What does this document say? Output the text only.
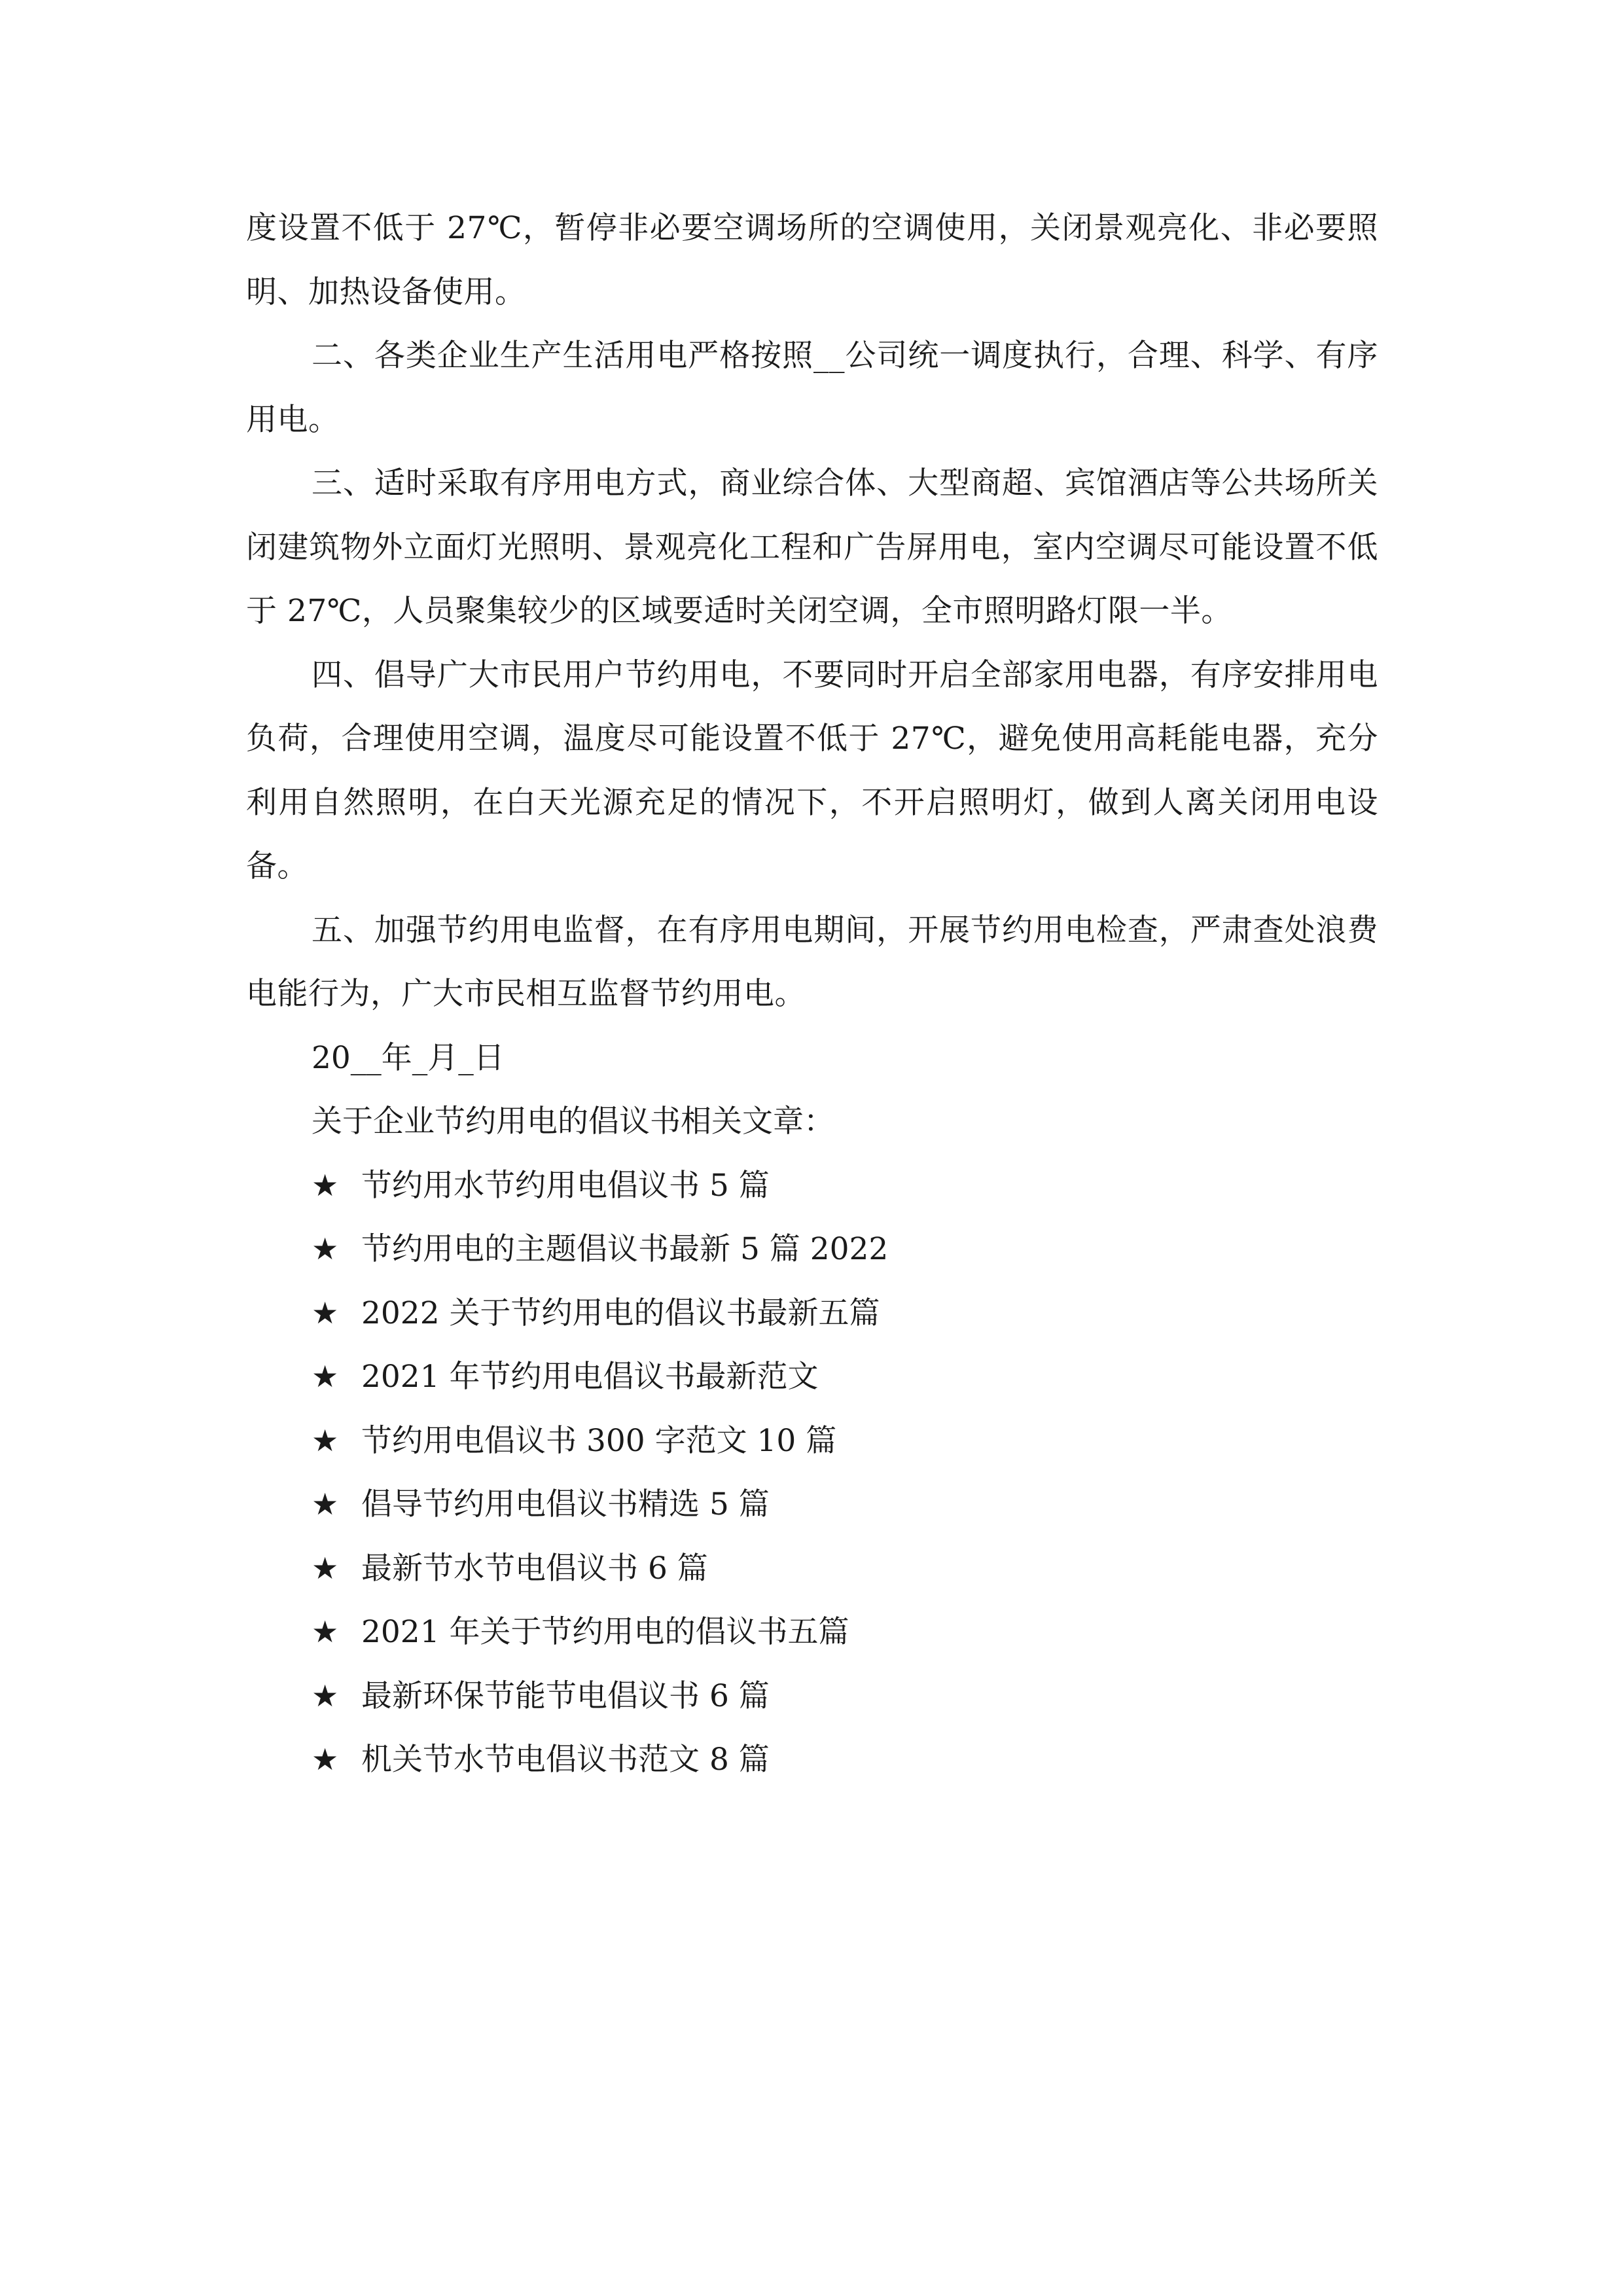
度设置不低于 27℃，暂停非必要空调场所的空调使用，关闭景观亮化、非必要照明、加热设备使用。

二、各类企业生产生活用电严格按照__公司统一调度执行，合理、科学、有序用电。

三、适时采取有序用电方式，商业综合体、大型商超、宾馆酒店等公共场所关闭建筑物外立面灯光照明、景观亮化工程和广告屏用电，室内空调尽可能设置不低于 27℃，人员聚集较少的区域要适时关闭空调，全市照明路灯限一半。

四、倡导广大市民用户节约用电，不要同时开启全部家用电器，有序安排用电负荷，合理使用空调，温度尽可能设置不低于 27℃，避免使用高耗能电器，充分利用自然照明，在白天光源充足的情况下，不开启照明灯，做到人离关闭用电设备。

五、加强节约用电监督，在有序用电期间，开展节约用电检查，严肃查处浪费电能行为，广大市民相互监督节约用电。

20__年_月_日

关于企业节约用电的倡议书相关文章：

★ 节约用水节约用电倡议书 5 篇
★ 节约用电的主题倡议书最新 5 篇 2022
★ 2022 关于节约用电的倡议书最新五篇
★ 2021 年节约用电倡议书最新范文
★ 节约用电倡议书 300 字范文 10 篇
★ 倡导节约用电倡议书精选 5 篇
★ 最新节水节电倡议书 6 篇
★ 2021 年关于节约用电的倡议书五篇
★ 最新环保节能节电倡议书 6 篇
★ 机关节水节电倡议书范文 8 篇
